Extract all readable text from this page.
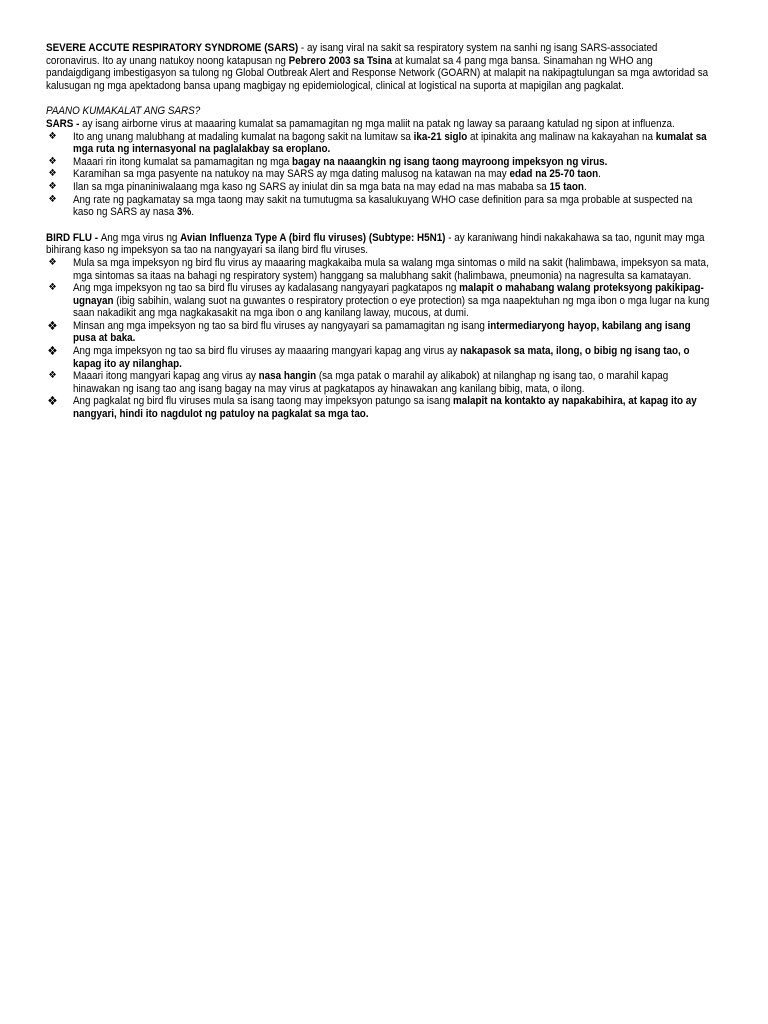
SEVERE ACCUTE RESPIRATORY SYNDROME (SARS) - ay isang viral na sakit sa respiratory system na sanhi ng isang SARS-associated coronavirus. Ito ay unang natukoy noong katapusan ng Pebrero 2003 sa Tsina at kumalat sa 4 pang mga bansa. Sinamahan ng WHO ang pandaigdigang imbestigasyon sa tulong ng Global Outbreak Alert and Response Network (GOARN) at malapit na nakipagtulungan sa mga awtoridad sa kalusugan ng mga apektadong bansa upang magbigay ng epidemiological, clinical at logistical na suporta at mapigilan ang pagkalat.

PAANO KUMAKALAT ANG SARS?

SARS - ay isang airborne virus at maaaring kumalat sa pamamagitan ng mga maliit na patak ng laway sa paraang katulad ng sipon at influenza.

❖ Ito ang unang malubhang at madaling kumalat na bagong sakit na lumitaw sa ika-21 siglo at ipinakita ang malinaw na kakayahan na kumalat sa mga ruta ng internasyonal na paglalakbay sa eroplano.
❖ Maaari rin itong kumalat sa pamamagitan ng mga bagay na naaangkin ng isang taong mayroong impeksyon ng virus.
❖ Karamihan sa mga pasyente na natukoy na may SARS ay mga dating malusog na katawan na may edad na 25-70 taon.
❖ Ilan sa mga pinaniniwalaang mga kaso ng SARS ay iniulat din sa mga bata na may edad na mas mababa sa 15 taon.
❖ Ang rate ng pagkamatay sa mga taong may sakit na tumutugma sa kasalukuyang WHO case definition para sa mga probable at suspected na kaso ng SARS ay nasa 3%.

BIRD FLU - Ang mga virus ng Avian Influenza Type A (bird flu viruses) (Subtype: H5N1) - ay karaniwang hindi nakakahawa sa tao, ngunit may mga bihirang kaso ng impeksyon sa tao na nangyayari sa ilang bird flu viruses.

❖ Mula sa mga impeksyon ng bird flu virus ay maaaring magkakaiba mula sa walang mga sintomas o mild na sakit (halimbawa, impeksyon sa mata, mga sintomas sa itaas na bahagi ng respiratory system) hanggang sa malubhang sakit (halimbawa, pneumonia) na nagresulta sa kamatayan.
❖ Ang mga impeksyon ng tao sa bird flu viruses ay kadalasang nangyayari pagkatapos ng malapit o mahabang walang proteksyong pakikipag- ugnayan (ibig sabihin, walang suot na guwantes o respiratory protection o eye protection) sa mga naapektuhan ng mga ibon o mga lugar na kung saan nakadikit ang mga nagkakasakit na mga ibon o ang kanilang laway, mucous, at dumi.
❖ Minsan ang mga impeksyon ng tao sa bird flu viruses ay nangyayari sa pamamagitan ng isang intermediaryong hayop, kabilang ang isang pusa at baka.
❖ Ang mga impeksyon ng tao sa bird flu viruses ay maaaring mangyari kapag ang virus ay nakapasok sa mata, ilong, o bibig ng isang tao, o kapag ito ay nilanghap.
❖ Maaari itong mangyari kapag ang virus ay nasa hangin (sa mga patak o marahil ay alikabok) at nilanghap ng isang tao, o marahil kapag hinawakan ng isang tao ang isang bagay na may virus at pagkatapos ay hinawakan ang kanilang bibig, mata, o ilong.
❖ Ang pagkalat ng bird flu viruses mula sa isang taong may impeksyon patungo sa isang malapit na kontakto ay napakabihira, at kapag ito ay nangyari, hindi ito nagdulot ng patuloy na pagkalat sa mga tao.
